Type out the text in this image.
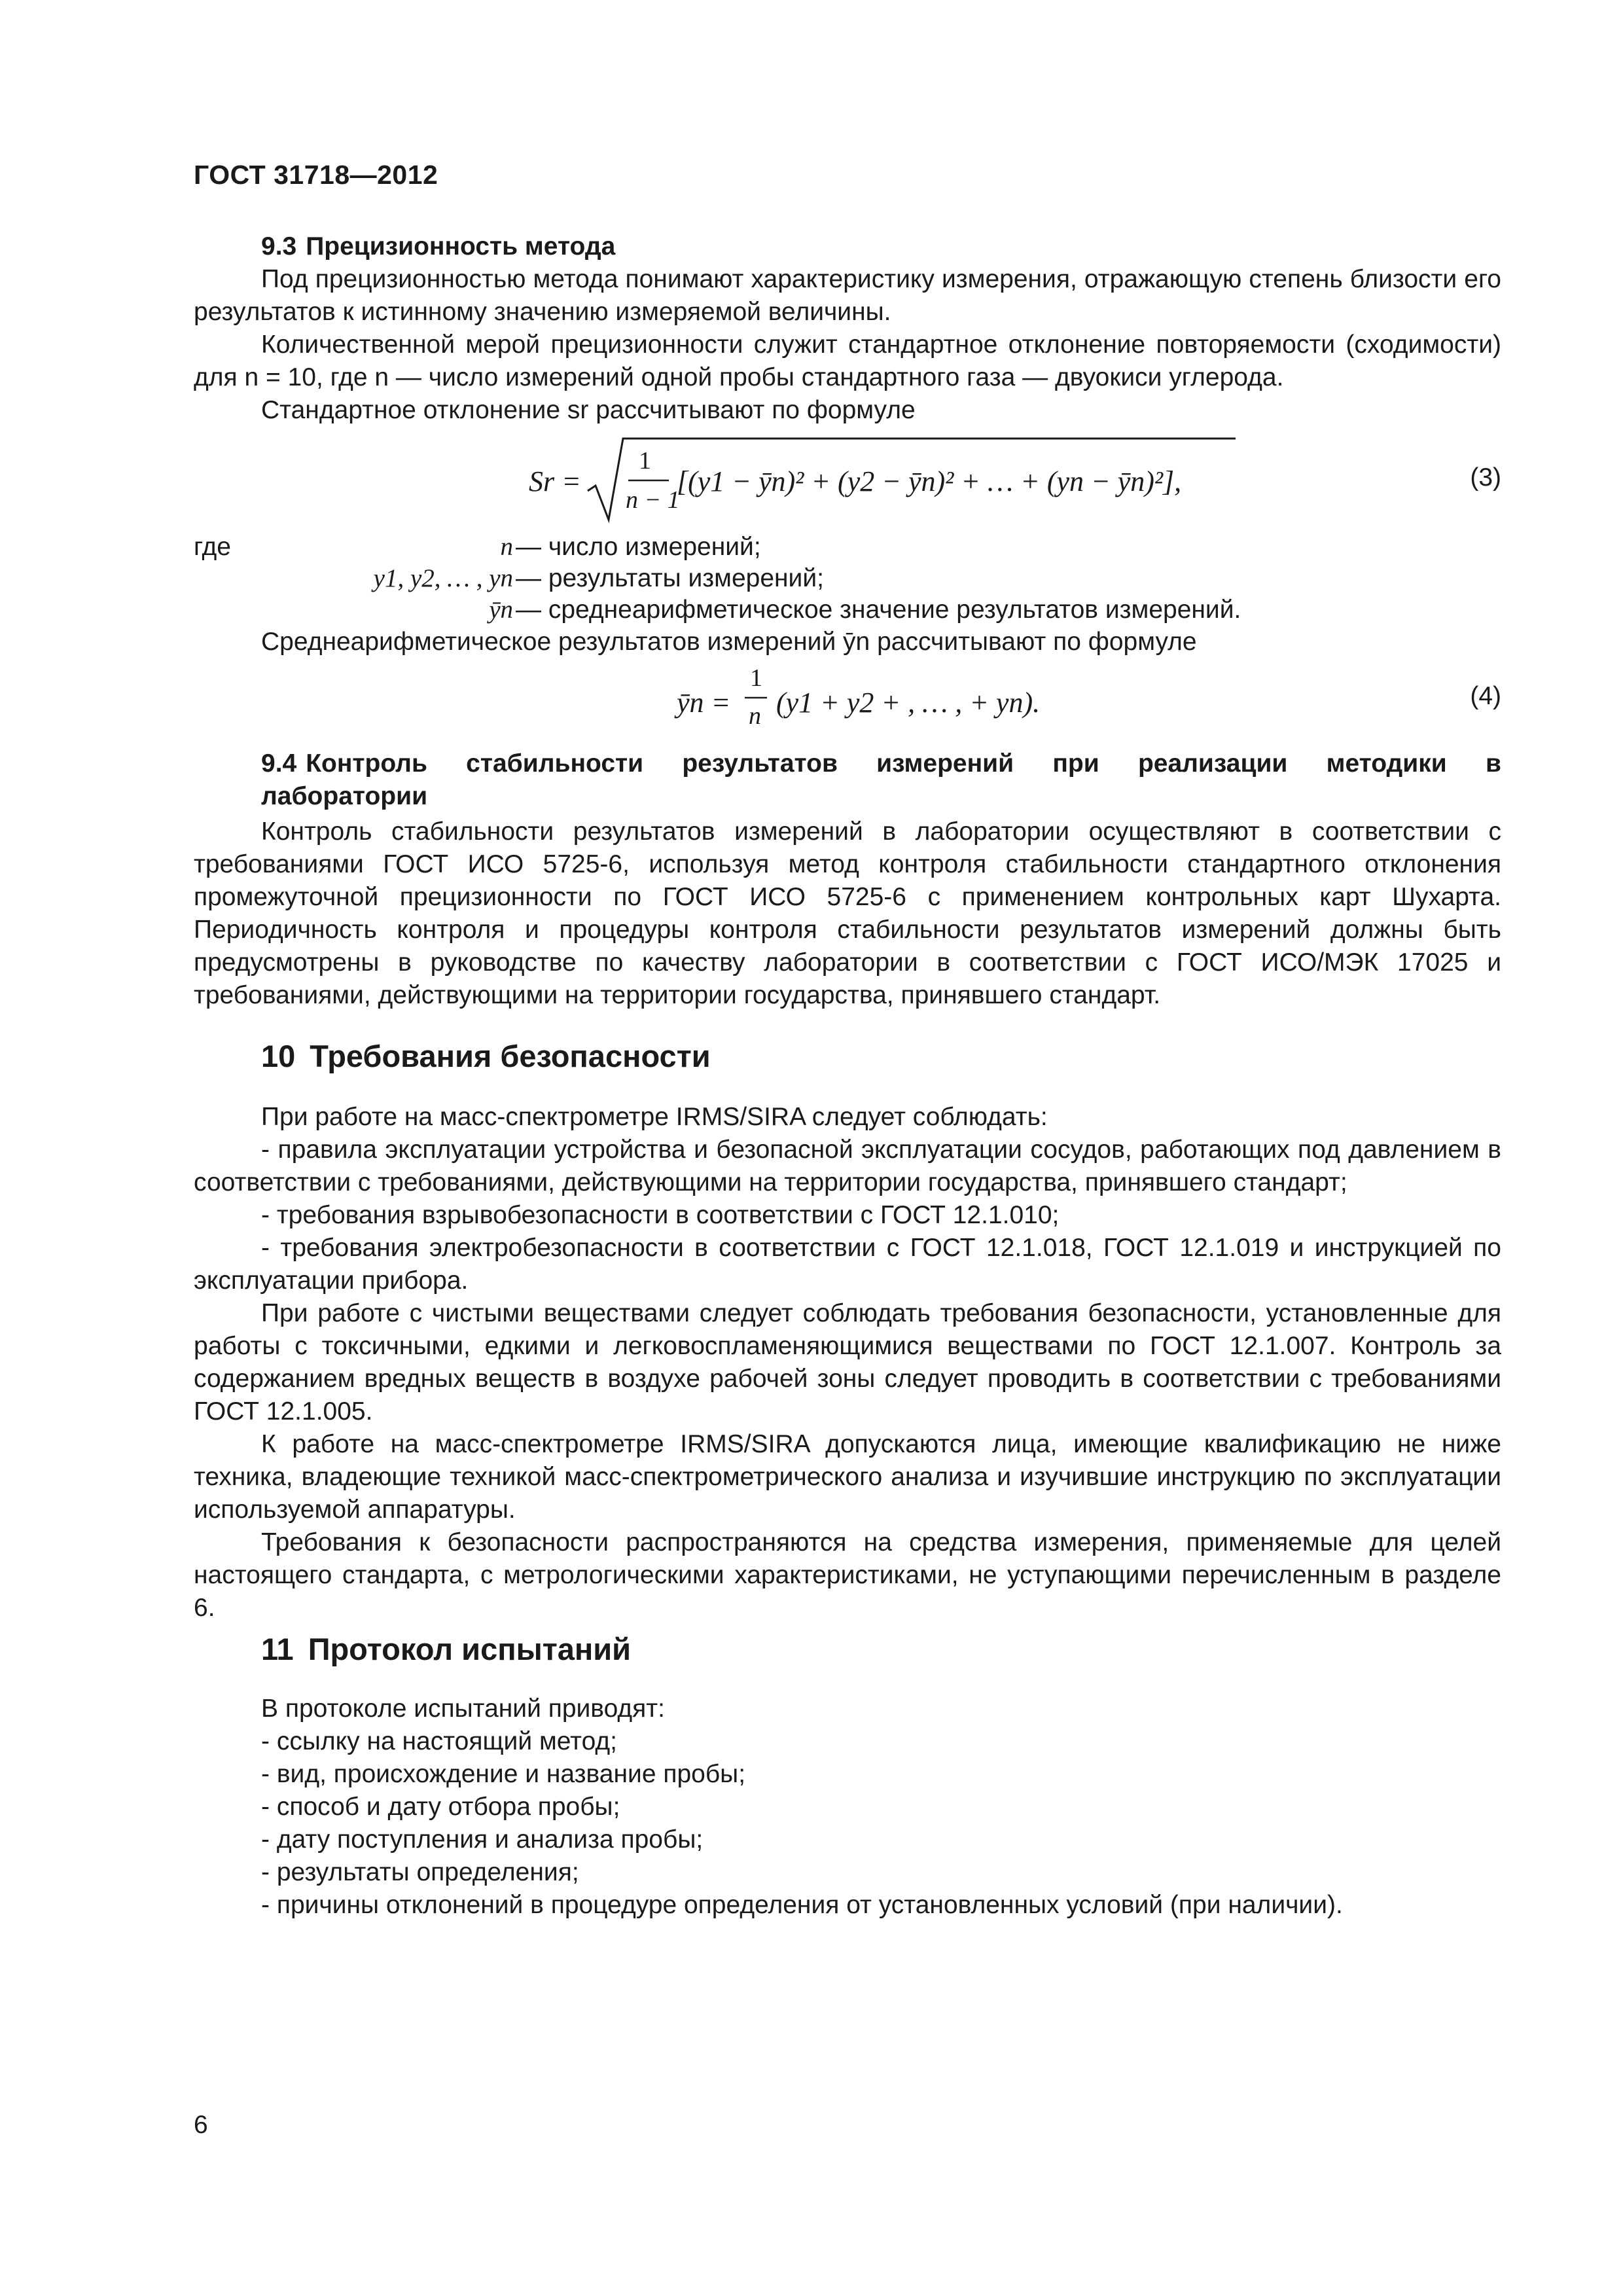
ГОСТ 31718—2012

9.3 Прецизионность метода

Под прецизионностью метода понимают характеристику измерения, отражающую степень близости его результатов к истинному значению измеряемой величины.

Количественной мерой прецизионности служит стандартное отклонение повторяемости (сходимости) для n = 10, где n — число измерений одной пробы стандартного газа — двуокиси углерода.

Стандартное отклонение sr рассчитывают по формуле

Sr =
1
n − 1
[(y1 − ȳn)² + (y2 − ȳn)² + … + (yn − ȳn)²],	(3)
где	n — число измерений;
y1, y2, … , yn — результаты измерений;
ȳn — среднеарифметическое значение результатов измерений.

Среднеарифметическое результатов измерений ȳn рассчитывают по формуле

ȳn =
1
n (y1 + y2 + , … , + yn).	(4)

9.4 Контроль стабильности результатов измерений при реализации методики в

лаборатории

Контроль стабильности результатов измерений в лаборатории осуществляют в соответствии с требованиями ГОСТ ИСО 5725-6, используя метод контроля стабильности стандартного отклонения промежуточной прецизионности по ГОСТ ИСО 5725-6 с применением контрольных карт Шухарта. Периодичность контроля и процедуры контроля стабильности результатов измерений должны быть предусмотрены в руководстве по качеству лаборатории в соответствии с ГОСТ ИСО/МЭК 17025 и требованиями, действующими на территории государства, принявшего стандарт.

10 Требования безопасности

При работе на масс-спектрометре IRMS/SIRA следует соблюдать:

- правила эксплуатации устройства и безопасной эксплуатации сосудов, работающих под давлением в соответствии с требованиями, действующими на территории государства, принявшего стандарт;

- требования взрывобезопасности в соответствии с ГОСТ 12.1.010;

- требования электробезопасности в соответствии с ГОСТ 12.1.018, ГОСТ 12.1.019 и инструкцией по эксплуатации прибора.

При работе с чистыми веществами следует соблюдать требования безопасности, установленные для работы с токсичными, едкими и легковоспламеняющимися веществами по ГОСТ 12.1.007. Контроль за содержанием вредных веществ в воздухе рабочей зоны следует проводить в соответствии с требованиями ГОСТ 12.1.005.

К работе на масс-спектрометре IRMS/SIRA допускаются лица, имеющие квалификацию не ниже техника, владеющие техникой масс-спектрометрического анализа и изучившие инструкцию по эксплуатации используемой аппаратуры.

Требования к безопасности распространяются на средства измерения, применяемые для целей настоящего стандарта, с метрологическими характеристиками, не уступающими перечисленным в разделе 6.

11 Протокол испытаний

В протоколе испытаний приводят:

- ссылку на настоящий метод;

- вид, происхождение и название пробы;

- способ и дату отбора пробы;

- дату поступления и анализа пробы;

- результаты определения;

- причины отклонений в процедуре определения от установленных условий (при наличии).

6
